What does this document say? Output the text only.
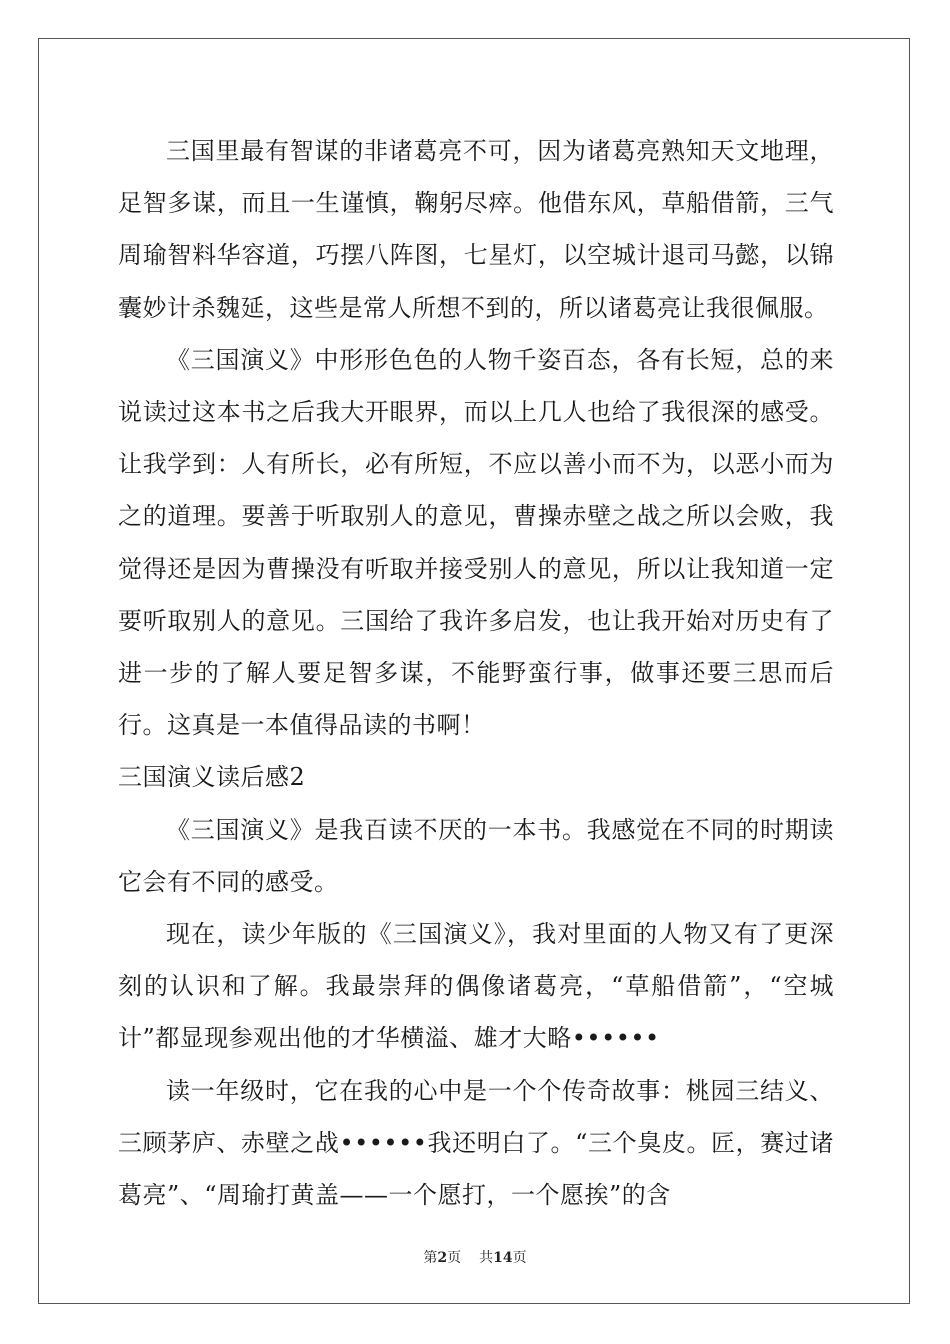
三国里最有智谋的非诸葛亮不可，因为诸葛亮熟知天文地理，足智多谋，而且一生谨慎，鞠躬尽瘁。他借东风，草船借箭，三气周瑜智料华容道，巧摆八阵图，七星灯，以空城计退司马懿，以锦囊妙计杀魏延，这些是常人所想不到的，所以诸葛亮让我很佩服。

《三国演义》中形形色色的人物千姿百态，各有长短，总的来说读过这本书之后我大开眼界，而以上几人也给了我很深的感受。让我学到：人有所长，必有所短，不应以善小而不为，以恶小而为之的道理。要善于听取别人的意见，曹操赤壁之战之所以会败，我觉得还是因为曹操没有听取并接受别人的意见，所以让我知道一定要听取别人的意见。三国给了我许多启发，也让我开始对历史有了进一步的了解人要足智多谋，不能野蛮行事，做事还要三思而后行。这真是一本值得品读的书啊！

三国演义读后感2

《三国演义》是我百读不厌的一本书。我感觉在不同的时期读它会有不同的感受。

现在，读少年版的《三国演义》，我对里面的人物又有了更深刻的认识和了解。我最崇拜的偶像诸葛亮，“草船借箭”，“空城计”都显现参观出他的才华横溢、雄才大略••••••

读一年级时，它在我的心中是一个个传奇故事：桃园三结义、三顾茅庐、赤壁之战••••••我还明白了。“三个臭皮。匠，赛过诸葛亮”、“周瑜打黄盖——一个愿打，一个愿挨”的含

第2页 共14页
